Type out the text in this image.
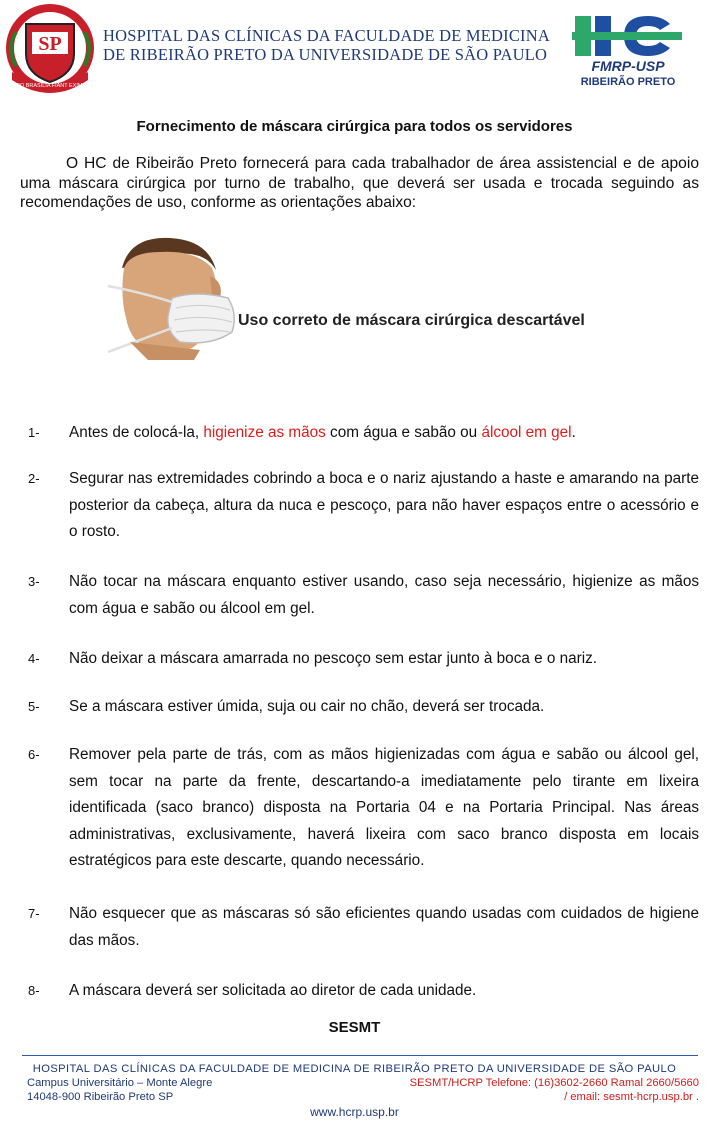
SP
PRO BRASILIA FIANT EXIMIA
HOSPITAL DAS CLÍNICAS DA FACULDADE DE MEDICINA
DE RIBEIRÃO PRETO DA UNIVERSIDADE DE SÃO PAULO
FMRP-USP
RIBEIRÃO PRETO
Fornecimento de máscara cirúrgica para todos os servidores
O HC de Ribeirão Preto fornecerá para cada trabalhador de área assistencial e de apoio uma máscara cirúrgica por turno de trabalho, que deverá ser usada e trocada seguindo as recomendações de uso, conforme as orientações abaixo:
Uso correto de máscara cirúrgica descartável
1- Antes de colocá-la, higienize as mãos com água e sabão ou álcool em gel.
2- Segurar nas extremidades cobrindo a boca e o nariz ajustando a haste e amarando na parte posterior da cabeça, altura da nuca e pescoço, para não haver espaços entre o acessório e o rosto.
3- Não tocar na máscara enquanto estiver usando, caso seja necessário, higienize as mãos com água e sabão ou álcool em gel.
4- Não deixar a máscara amarrada no pescoço sem estar junto à boca e o nariz.
5- Se a máscara estiver úmida, suja ou cair no chão, deverá ser trocada.
6- Remover pela parte de trás, com as mãos higienizadas com água e sabão ou álcool gel, sem tocar na parte da frente, descartando-a imediatamente pelo tirante em lixeira identificada (saco branco) disposta na Portaria 04 e na Portaria Principal. Nas áreas administrativas, exclusivamente, haverá lixeira com saco branco disposta em locais estratégicos para este descarte, quando necessário.
7- Não esquecer que as máscaras só são eficientes quando usadas com cuidados de higiene das mãos.
8- A máscara deverá ser solicitada ao diretor de cada unidade.
SESMT
HOSPITAL DAS CLÍNICAS DA FACULDADE DE MEDICINA DE RIBEIRÃO PRETO DA UNIVERSIDADE DE SÃO PAULO
Campus Universitário – Monte Alegre
14048-900 Ribeirão Preto SP
SESMT/HCRP Telefone: (16)3602-2660 Ramal 2660/5660
/ email: sesmt-hcrp.usp.br .
www.hcrp.usp.br
